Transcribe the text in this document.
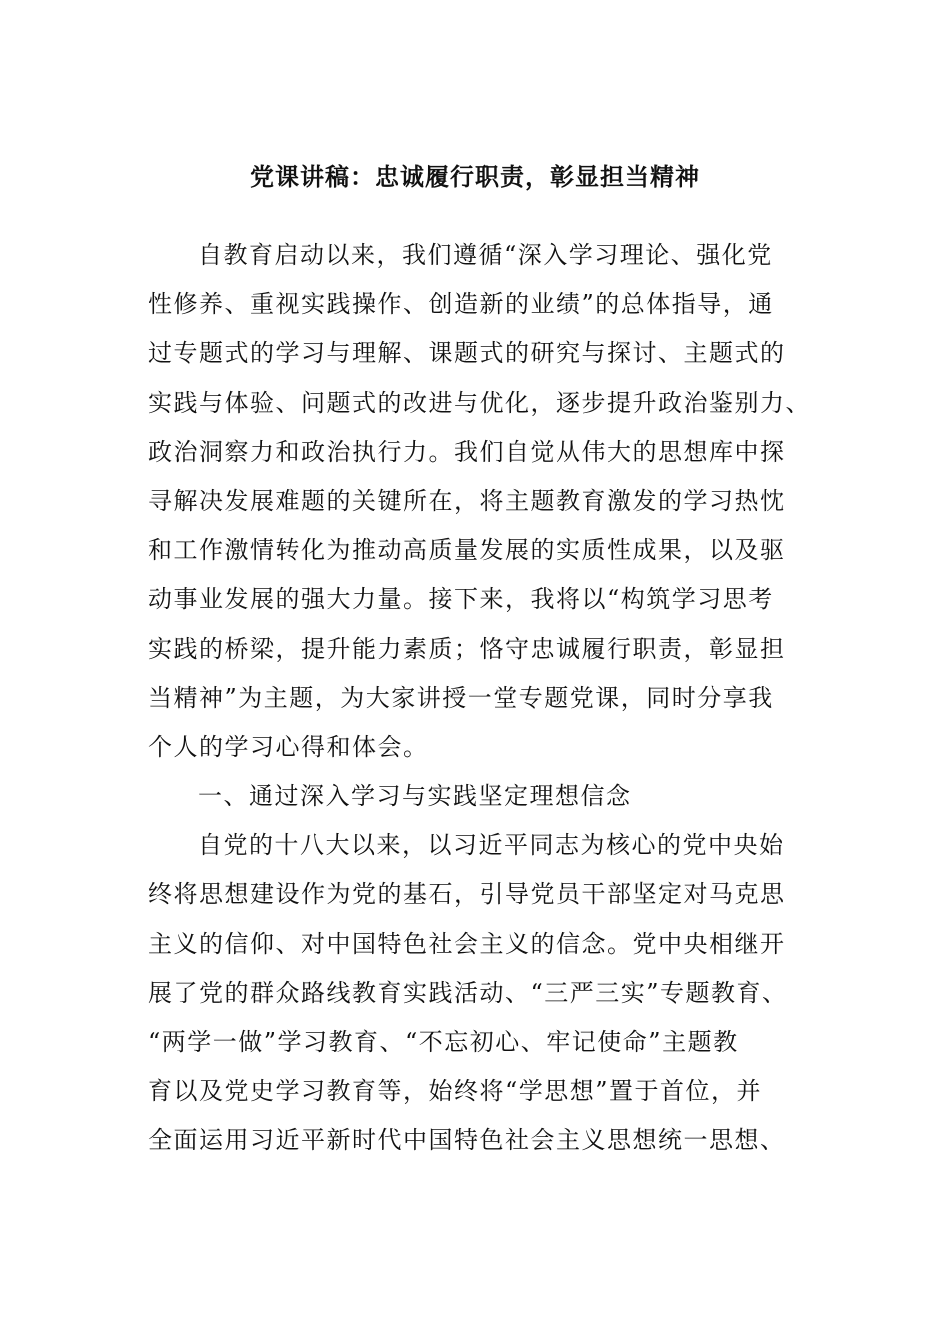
党课讲稿：忠诚履行职责，彰显担当精神
自教育启动以来，我们遵循“深入学习理论、强化党
性修养、重视实践操作、创造新的业绩”的总体指导，通
过专题式的学习与理解、课题式的研究与探讨、主题式的
实践与体验、问题式的改进与优化，逐步提升政治鉴别力、
政治洞察力和政治执行力。我们自觉从伟大的思想库中探
寻解决发展难题的关键所在，将主题教育激发的学习热忱
和工作激情转化为推动高质量发展的实质性成果，以及驱
动事业发展的强大力量。接下来，我将以“构筑学习思考
实践的桥梁，提升能力素质；恪守忠诚履行职责，彰显担
当精神”为主题，为大家讲授一堂专题党课，同时分享我
个人的学习心得和体会。
一、通过深入学习与实践坚定理想信念
自党的十八大以来，以习近平同志为核心的党中央始
终将思想建设作为党的基石，引导党员干部坚定对马克思
主义的信仰、对中国特色社会主义的信念。党中央相继开
展了党的群众路线教育实践活动、“三严三实”专题教育、
“两学一做”学习教育、“不忘初心、牢记使命”主题教
育以及党史学习教育等，始终将“学思想”置于首位，并
全面运用习近平新时代中国特色社会主义思想统一思想、
